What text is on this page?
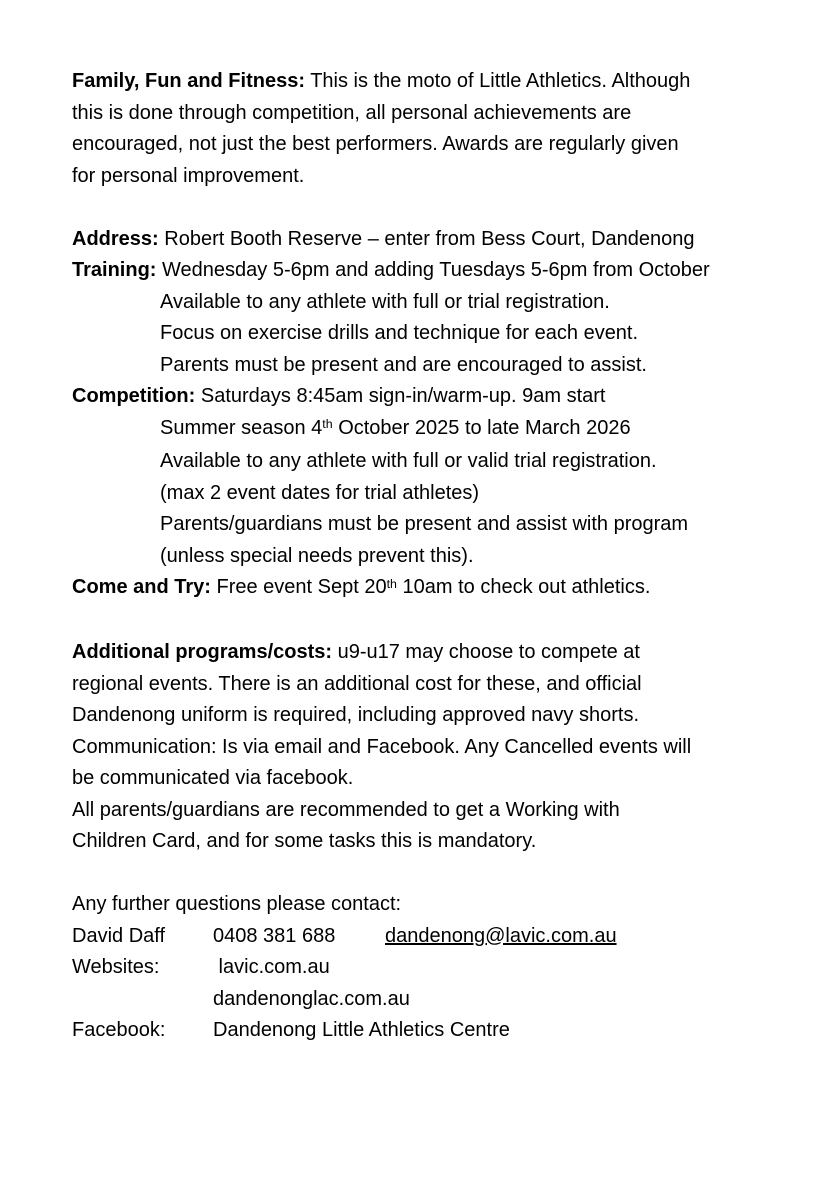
Family, Fun and Fitness: This is the moto of Little Athletics. Although
this is done through competition, all personal achievements are
encouraged, not just the best performers. Awards are regularly given
for personal improvement.
Address: Robert Booth Reserve – enter from Bess Court, Dandenong
Training: Wednesday 5-6pm and adding Tuesdays 5-6pm from October
Available to any athlete with full or trial registration.
Focus on exercise drills and technique for each event.
Parents must be present and are encouraged to assist.
Competition: Saturdays 8:45am sign-in/warm-up. 9am start
Summer season 4th October 2025 to late March 2026
Available to any athlete with full or valid trial registration.
(max 2 event dates for trial athletes)
Parents/guardians must be present and assist with program
(unless special needs prevent this).
Come and Try: Free event Sept 20th 10am to check out athletics.
Additional programs/costs: u9-u17 may choose to compete at
regional events. There is an additional cost for these, and official
Dandenong uniform is required, including approved navy shorts.
Communication: Is via email and Facebook. Any Cancelled events will
be communicated via facebook.
All parents/guardians are recommended to get a Working with
Children Card, and for some tasks this is mandatory.
Any further questions please contact:
David Daff 0408 381 688 dandenong@lavic.com.au
Websites:	lavic.com.au
dandenonglac.com.au
Facebook: Dandenong Little Athletics Centre
